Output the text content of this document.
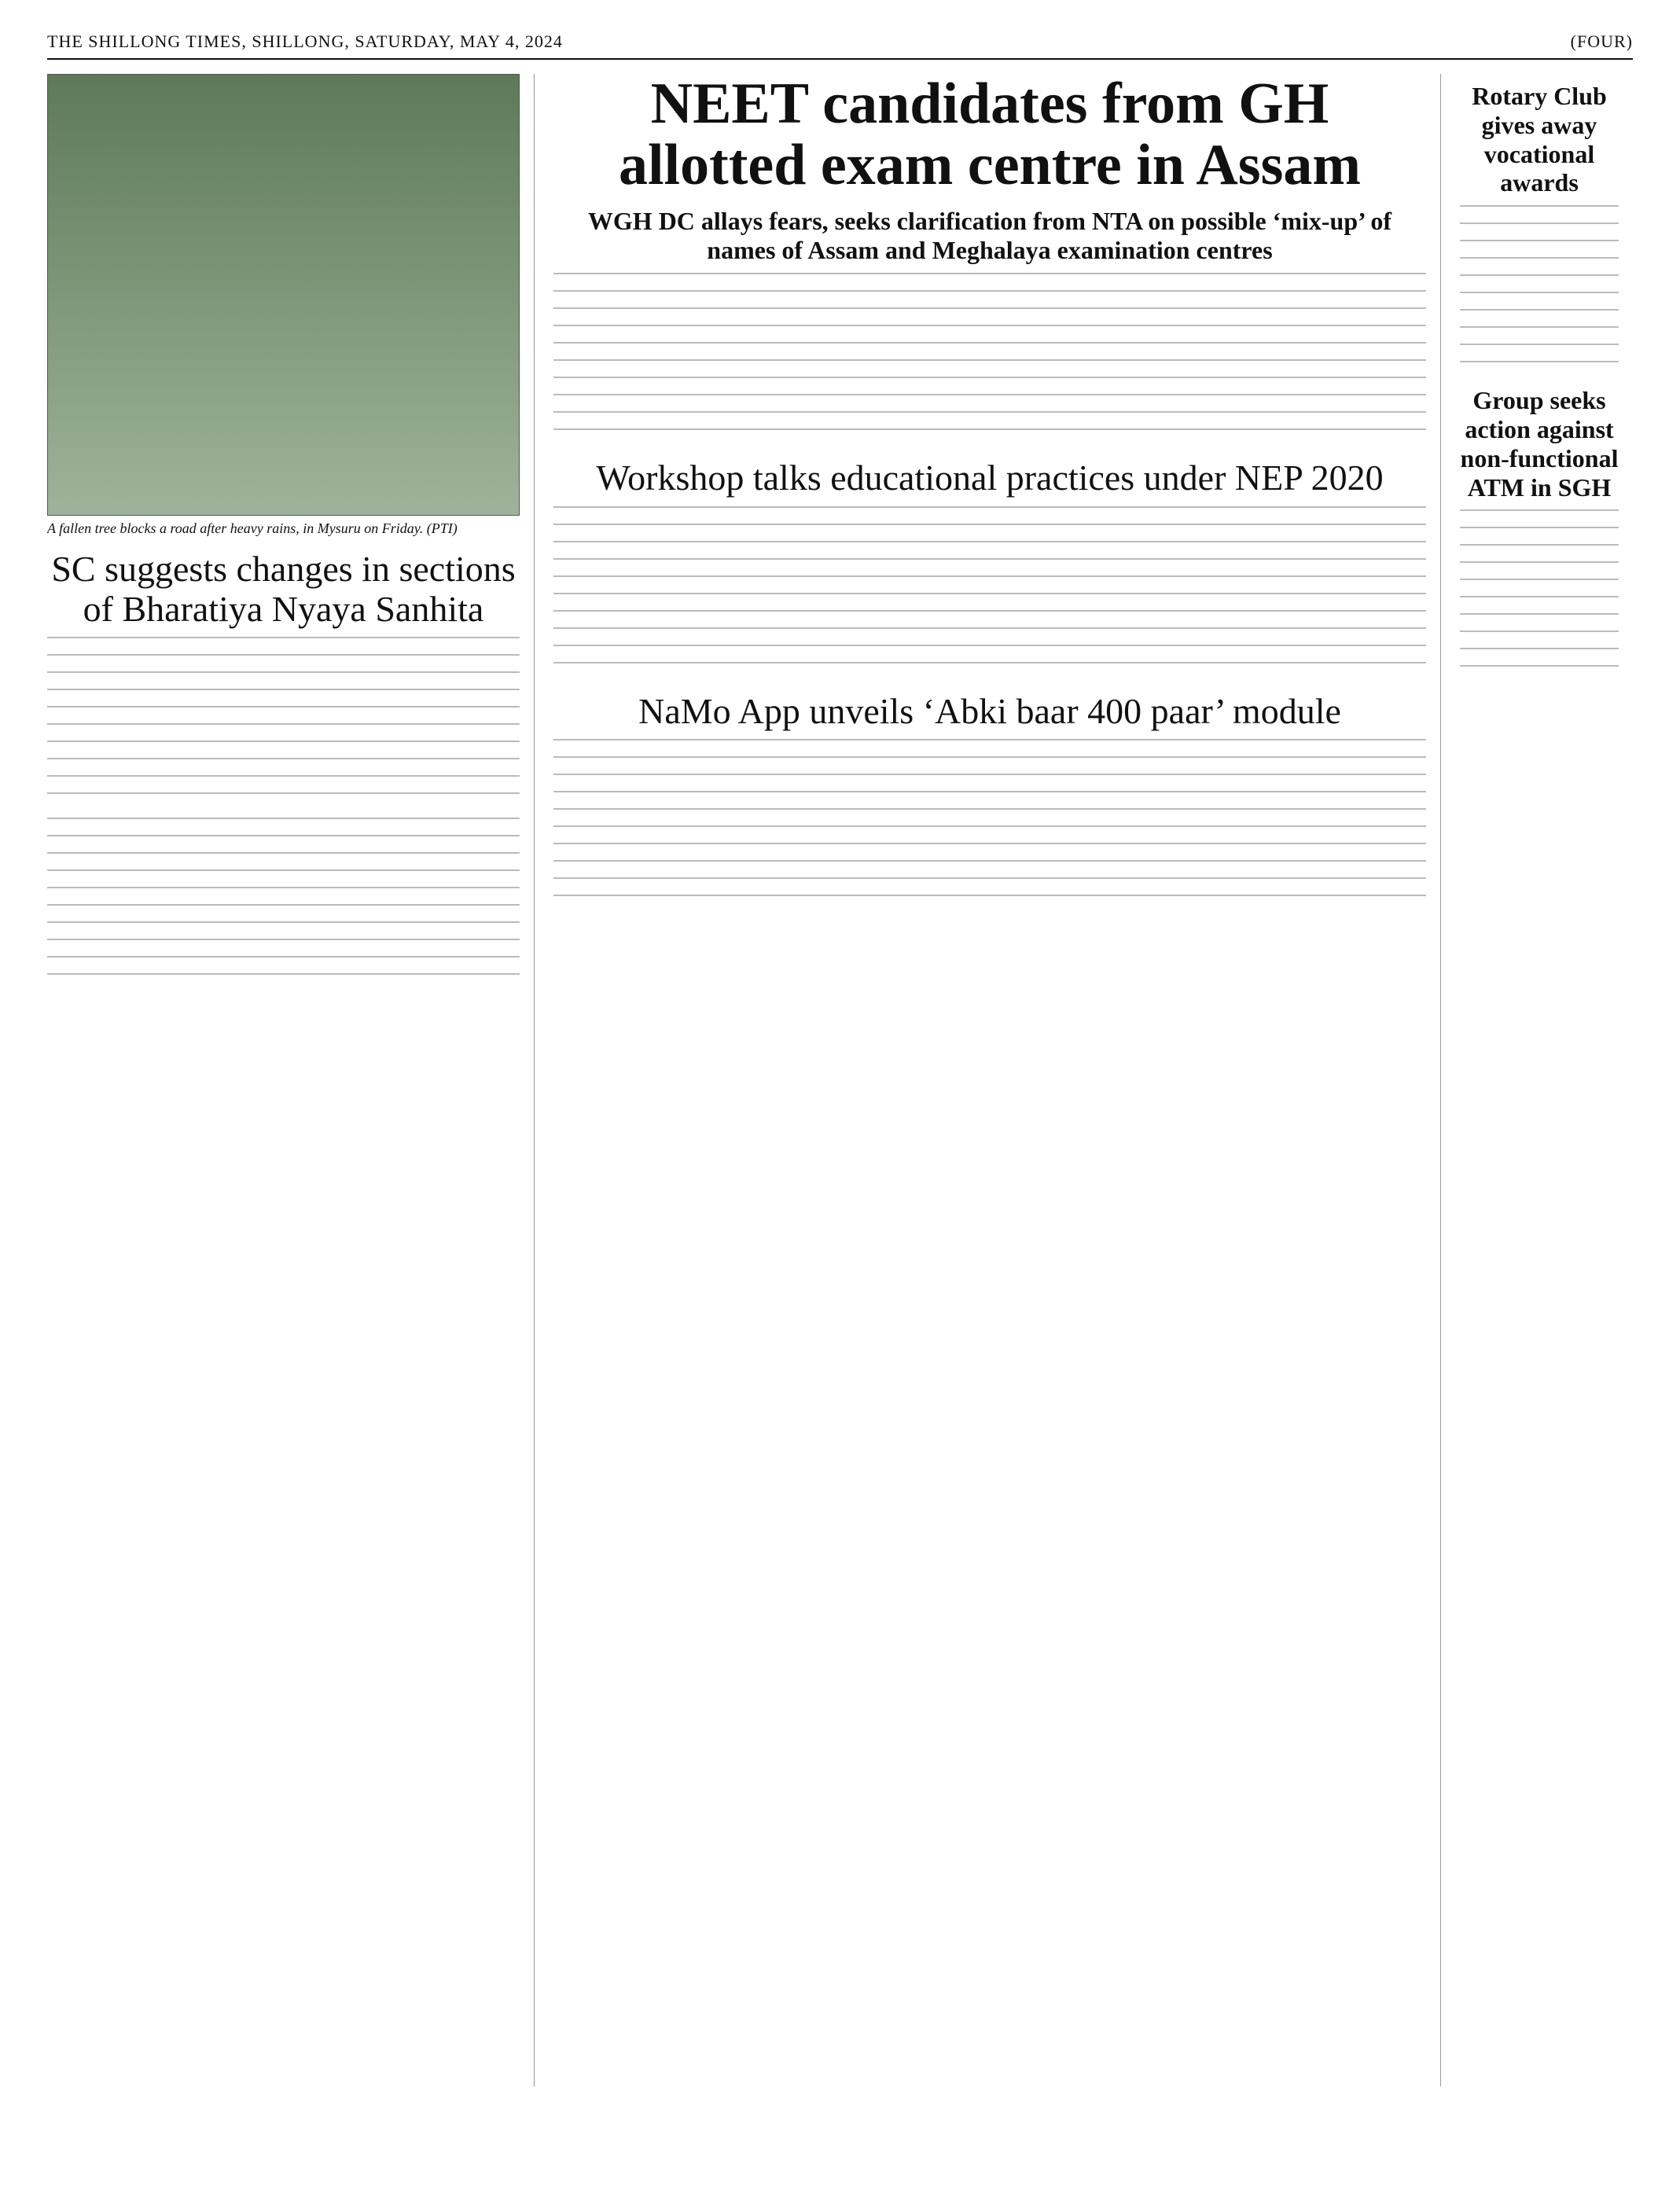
THE SHILLONG TIMES, SHILLONG, SATURDAY, MAY 4, 2024	(FOUR)
A fallen tree blocks a road after heavy rains, in Mysuru on Friday. (PTI)
SC suggests changes in sections of Bharatiya Nyaya Sanhita
NEET candidates from GH allotted exam centre in Assam
WGH DC allays fears, seeks clarification from NTA on possible ‘mix-up’ of names of Assam and Meghalaya examination centres
Workshop talks educational practices under NEP 2020
NaMo App unveils ‘Abki baar 400 paar’ module
Rotary Club gives away vocational awards
Group seeks action against non-functional ATM in SGH
